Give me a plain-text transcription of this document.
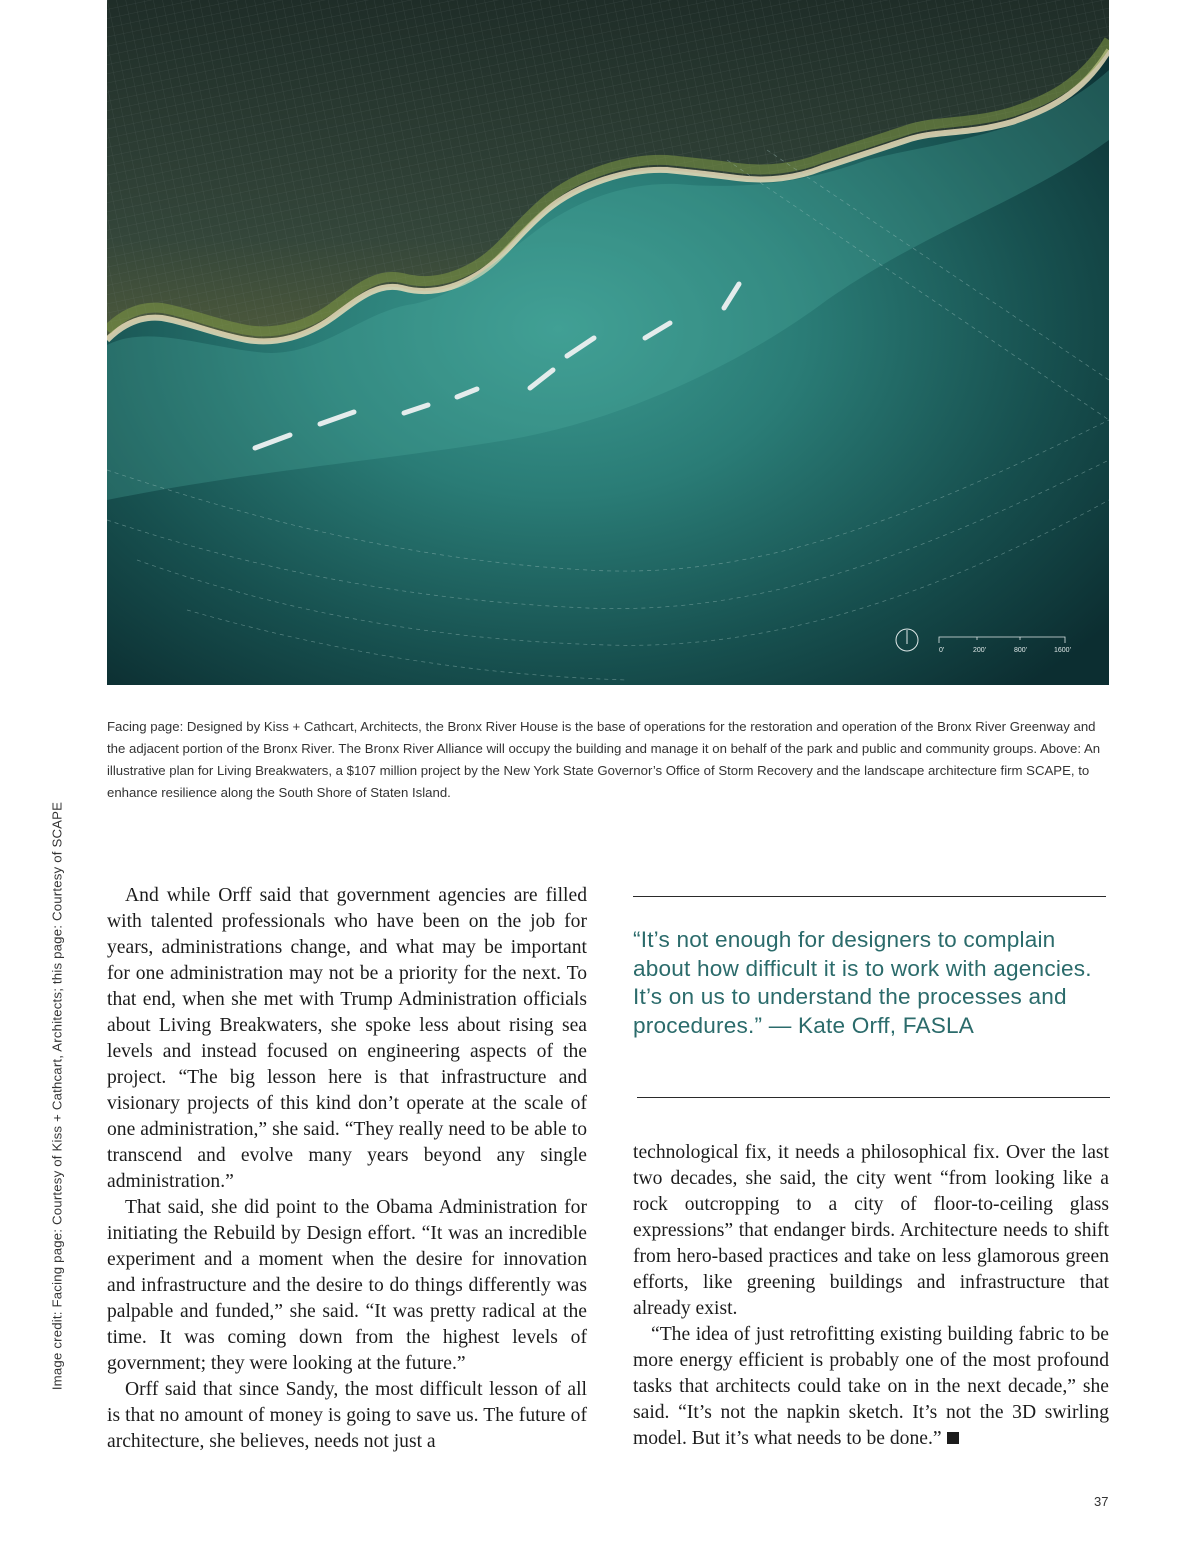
0'	200'	800'	1600'

Facing page: Designed by Kiss + Cathcart, Architects, the Bronx River House is the base of operations for the restoration and operation of the Bronx River Greenway and the adjacent portion of the Bronx River. The Bronx River Alliance will occupy the building and manage it on behalf of the park and public and community groups. Above: An illustrative plan for Living Breakwaters, a $107 million project by the New York State Governor’s Office of Storm Recovery and the landscape architecture firm SCAPE, to enhance resilience along the South Shore of Staten Island.

Image credit: Facing page: Courtesy of Kiss + Cathcart, Architects; this page: Courtesy of SCAPE	And while Orff said that government agencies are filled with talented professionals who have been on the job for years, administrations change, and what may be important for one administration may not be a priority for the next. To that end, when she met with Trump Administration officials about Living Breakwaters, she spoke less about rising sea levels and instead focused on engineering aspects of the project. “The big lesson here is that infrastructure and visionary projects of this kind don’t operate at the scale of one administration,” she said. “They really need to be able to transcend and evolve many years beyond any single administration.”

That said, she did point to the Obama Administration for initiating the Rebuild by Design effort. “It was an incredible experiment and a moment when the desire for innovation and infrastructure and the desire to do things differently was palpable and funded,” she said. “It was pretty radical at the time. It was coming down from the highest levels of government; they were looking at the future.”

Orff said that since Sandy, the most difficult lesson of all is that no amount of money is going to save us. The future of architecture, she believes, needs not just a

“It’s not enough for designers to complain about how difficult it is to work with agencies. It’s on us to understand the processes and procedures.” — Kate Orff, FASLA

technological fix, it needs a philosophical fix. Over the last two decades, she said, the city went “from looking like a rock outcropping to a city of floor-to-ceiling glass expressions” that endanger birds. Architecture needs to shift from hero-based practices and take on less glamorous green efforts, like greening buildings and infrastructure that already exist.

“The idea of just retrofitting existing building fabric to be more energy efficient is probably one of the most profound tasks that architects could take on in the next decade,” she said. “It’s not the napkin sketch. It’s not the 3D swirling model. But it’s what needs to be done.”

37
